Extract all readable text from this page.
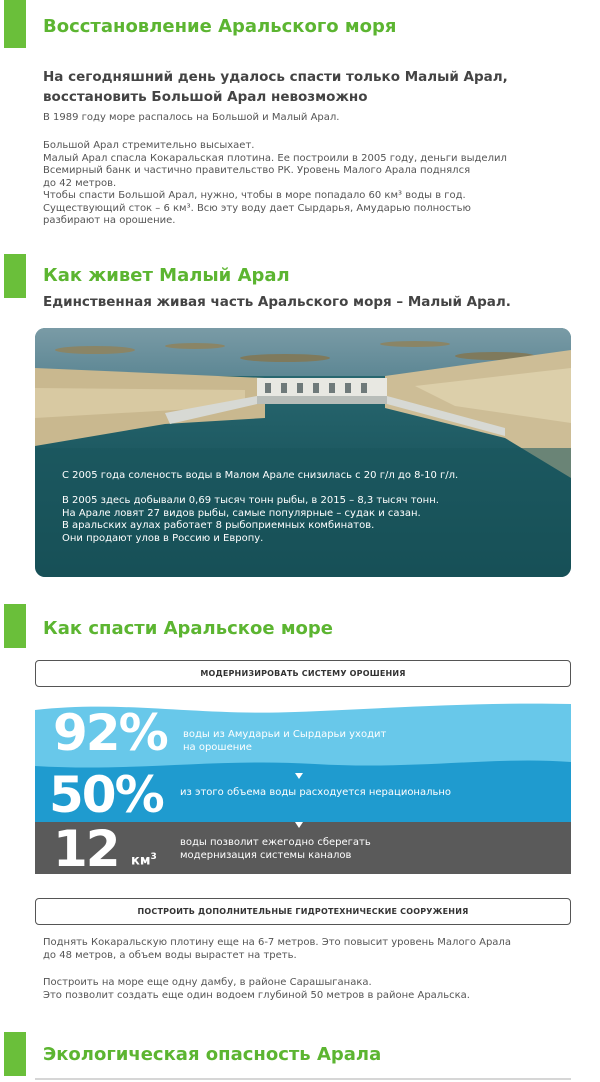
Восстановление Аральского моря
На сегодняшний день удалось спасти только Малый Арал,
восстановить Большой Арал невозможно
В 1989 году море распалось на Большой и Малый Арал.
Большой Арал стремительно высыхает.
Малый Арал спасла Кокаральская плотина. Ее построили в 2005 году, деньги выделил
Всемирный банк и частично правительство РК. Уровень Малого Арала поднялся
до 42 метров.
Чтобы спасти Большой Арал, нужно, чтобы в море попадало 60 км³ воды в год.
Существующий сток – 6 км³. Всю эту воду дает Сырдарья, Амударью полностью
разбирают на орошение.
Как живет Малый Арал
Единственная живая часть Аральского моря – Малый Арал.
С 2005 года соленость воды в Малом Арале снизилась с 20 г/л до 8-10 г/л.
В 2005 здесь добывали 0,69 тысяч тонн рыбы, в 2015 – 8,3 тысяч тонн.
На Арале ловят 27 видов рыбы, самые популярные – судак и сазан.
В аральских аулах работает 8 рыбоприемных комбинатов.
Они продают улов в Россию и Европу.
Как спасти Аральское море
МОДЕРНИЗИРОВАТЬ СИСТЕМУ ОРОШЕНИЯ
92% воды из Амударьи и Сырдарьи уходит
на орошение
50% из этого объема воды расходуется нерационально
12 $км^3$
воды позволит ежегодно сберегать
модернизация системы каналов
ПОСТРОИТЬ ДОПОЛНИТЕЛЬНЫЕ ГИДРОТЕХНИЧЕСКИЕ СООРУЖЕНИЯ
Поднять Кокаральскую плотину еще на 6-7 метров. Это повысит уровень Малого Арала
до 48 метров, а объем воды вырастет на треть.
Построить на море еще одну дамбу, в районе Сарашыганака.
Это позволит создать еще один водоем глубиной 50 метров в районе Аральска.
Экологическая опасность Арала
